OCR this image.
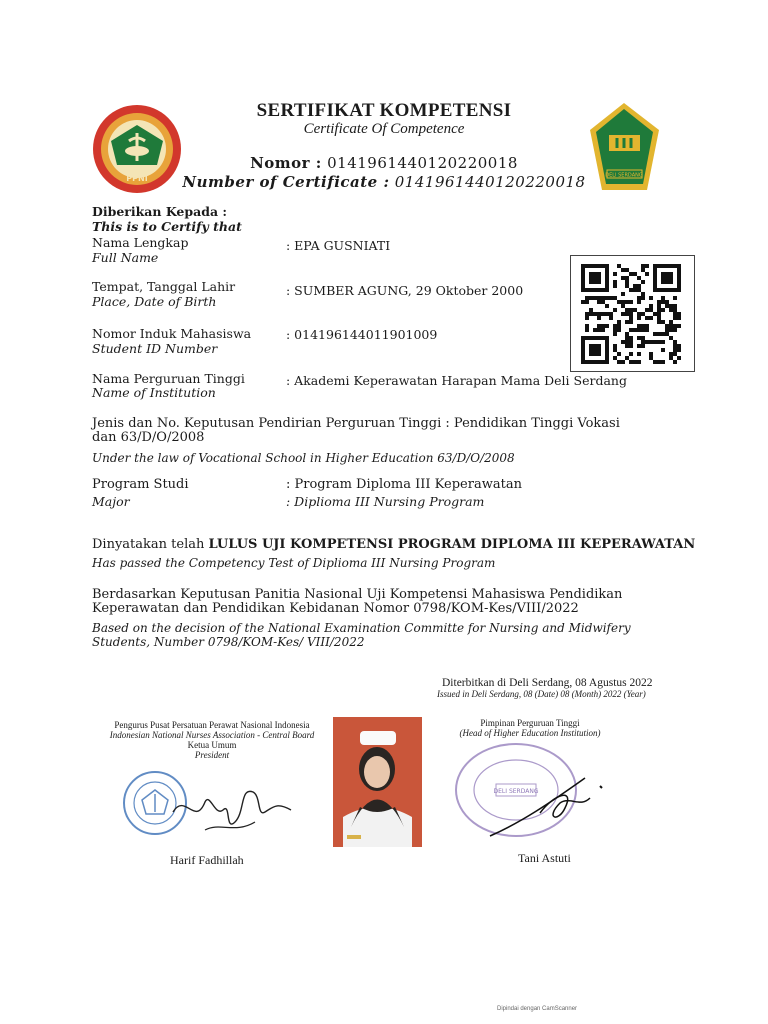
PPNI	DELI SERDANG
SERTIFIKAT KOMPETENSI
Certificate Of Competence
Nomor : 0141961440120220018
Number of Certificate : 0141961440120220018
Diberikan Kepada :
This is to Certify that
Nama Lengkap
Full Name
: EPA GUSNIATI
Tempat, Tanggal Lahir
Place, Date of Birth
: SUMBER AGUNG, 29 Oktober 2000
Nomor Induk Mahasiswa
Student ID Number
: 014196144011901009
Nama Perguruan Tinggi
Name of Institution
: Akademi Keperawatan Harapan Mama Deli Serdang
Jenis dan No. Keputusan Pendirian Perguruan Tinggi : Pendidikan Tinggi Vokasi
dan 63/D/O/2008
Under the law of Vocational School in Higher Education 63/D/O/2008
Program Studi
Major
: Program Diploma III Keperawatan
: Diplioma III Nursing Program
Dinyatakan telah LULUS UJI KOMPETENSI PROGRAM DIPLOMA III KEPERAWATAN
Has passed the Competency Test of Diplioma III Nursing Program
Berdasarkan Keputusan Panitia Nasional Uji Kompetensi Mahasiswa Pendidikan
Keperawatan dan Pendidikan Kebidanan Nomor 0798/KOM-Kes/VIII/2022
Based on the decision of the National Examination Committe for Nursing and Midwifery
Students, Number 0798/KOM-Kes/ VIII/2022
Diterbitkan di Deli Serdang, 08 Agustus 2022
Issued in Deli Serdang, 08 (Date) 08 (Month) 2022 (Year)
Pengurus Pusat Persatuan Perawat Nasional Indonesia
Indonesian National Nurses Association - Central Board
Ketua Umum
President
Harif Fadhillah
Pimpinan Perguruan Tinggi
(Head of Higher Education Institution)
DELI SERDANG
Tani Astuti
Dipindai dengan CamScanner
